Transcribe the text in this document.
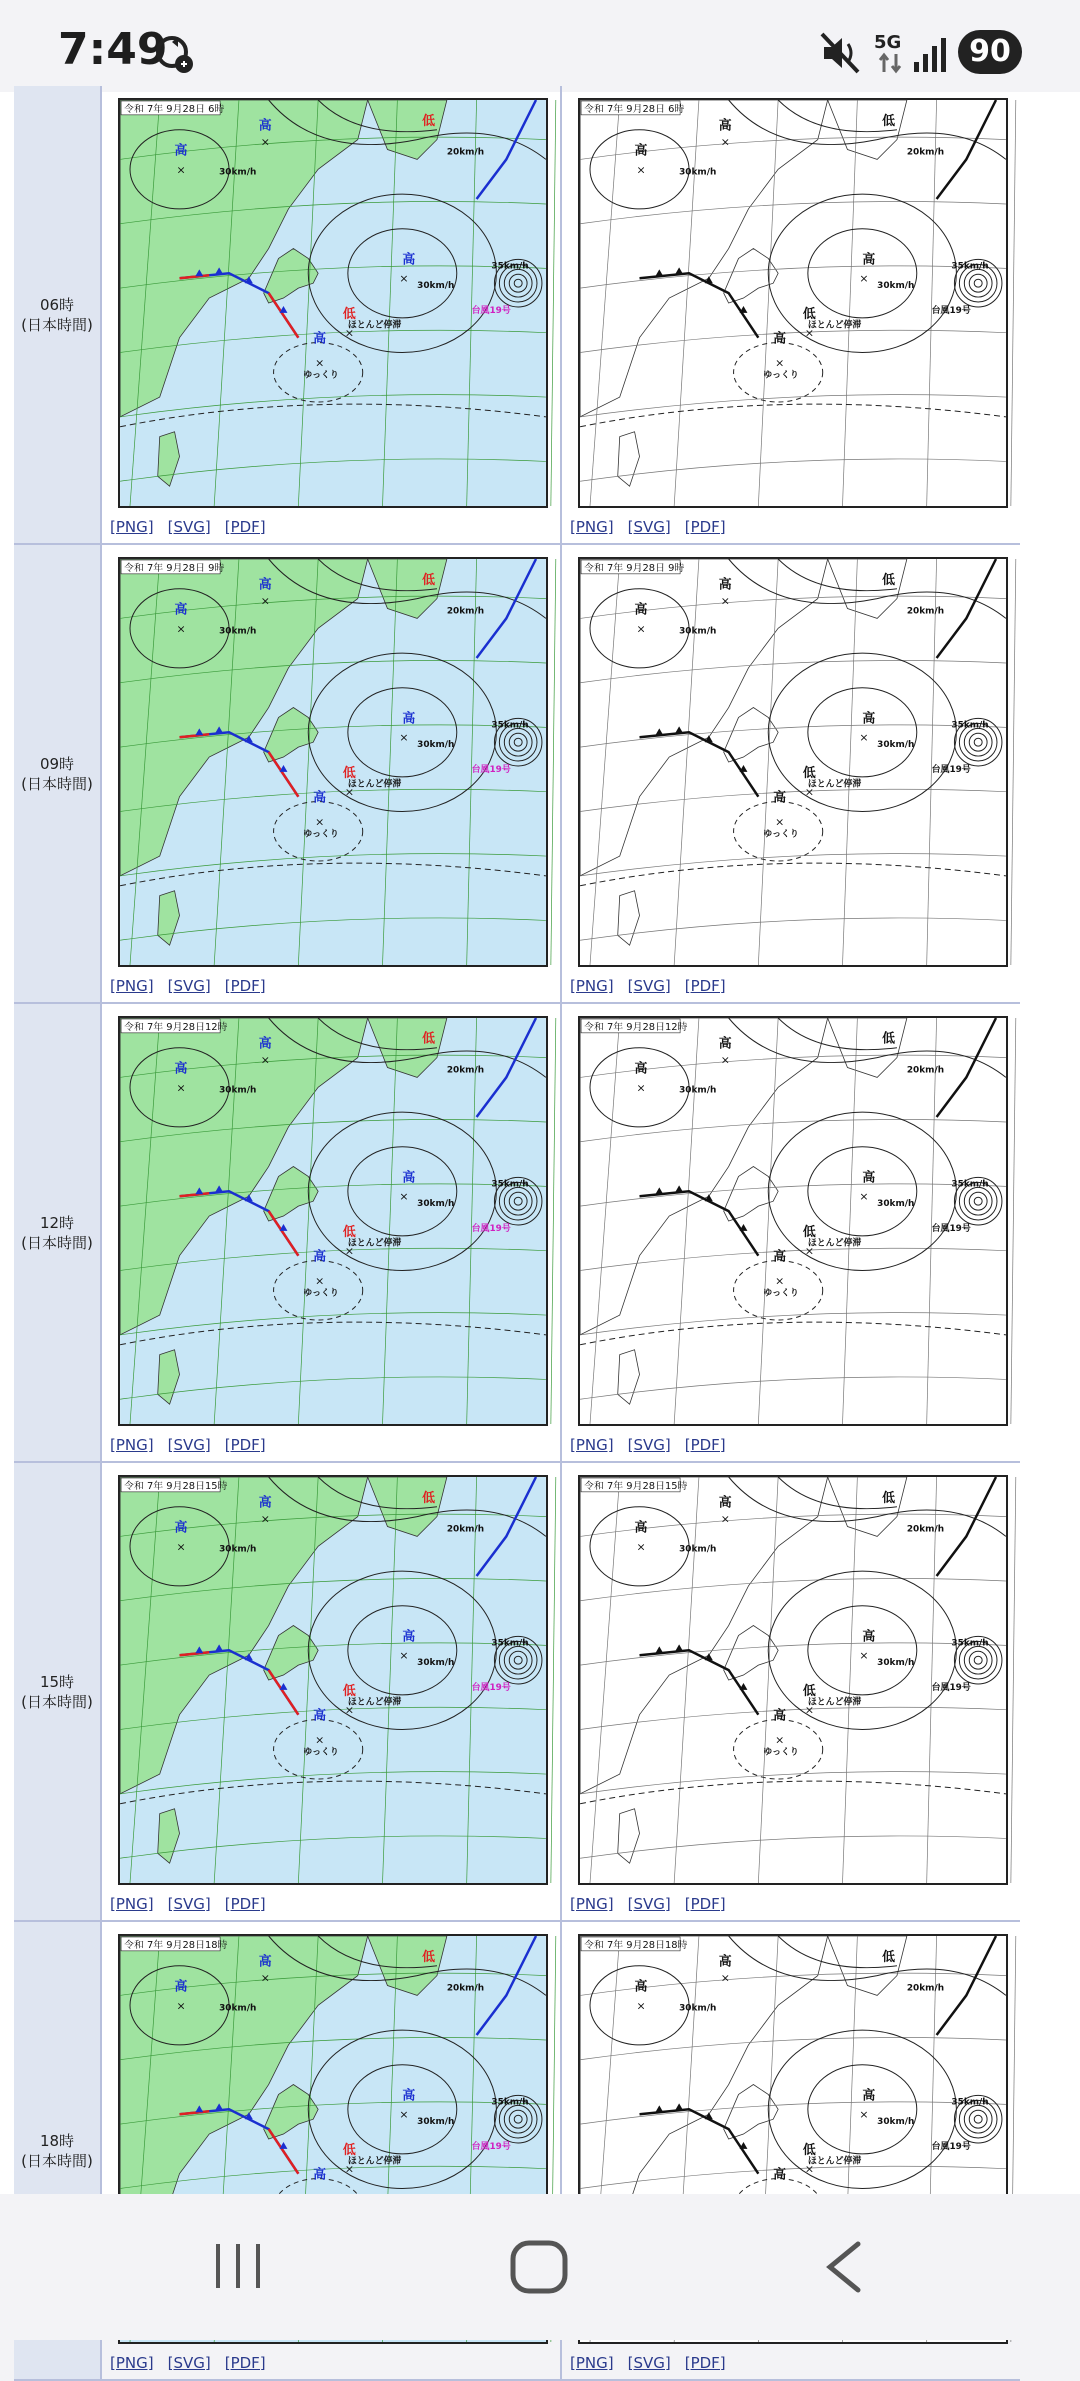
7:49	5G	90
06時
(日本時間)
令和 7年 9月28日 6時
高
高
高
高	低
低
ほとんど停滞
ゆっくり
30km/h
30km/h
35km/h
20km/h
台風19号
×
×
×
×
×
[PNG] [SVG] [PDF]
令和 7年 9月28日 6時
高
高
高
高	低
低
ほとんど停滞
ゆっくり
30km/h
30km/h
35km/h
20km/h
台風19号
×
×
×
×
×
[PNG] [SVG] [PDF]
09時
(日本時間)
令和 7年 9月28日 9時
高
高
高
高	低
低
ほとんど停滞
ゆっくり
30km/h
30km/h
35km/h
20km/h
台風19号
×
×
×
×
×
[PNG] [SVG] [PDF]
令和 7年 9月28日 9時
高
高
高
高	低
低
ほとんど停滞
ゆっくり
30km/h
30km/h
35km/h
20km/h
台風19号
×
×
×
×
×
[PNG] [SVG] [PDF]
12時
(日本時間)
令和 7年 9月28日12時
高
高
高
高	低
低
ほとんど停滞
ゆっくり
30km/h
30km/h
35km/h
20km/h
台風19号
×
×
×
×
×
[PNG] [SVG] [PDF]
令和 7年 9月28日12時
高
高
高
高	低
低
ほとんど停滞
ゆっくり
30km/h
30km/h
35km/h
20km/h
台風19号
×
×
×
×
×
[PNG] [SVG] [PDF]
15時
(日本時間)
令和 7年 9月28日15時
高
高
高
高	低
低
ほとんど停滞
ゆっくり
30km/h
30km/h
35km/h
20km/h
台風19号
×
×
×
×
×
[PNG] [SVG] [PDF]
令和 7年 9月28日15時
高
高
高
高	低
低
ほとんど停滞
ゆっくり
30km/h
30km/h
35km/h
20km/h
台風19号
×
×
×
×
×
[PNG] [SVG] [PDF]
18時
(日本時間)
令和 7年 9月28日18時
高
高
高
高	低
低
ほとんど停滞
30km/h
30km/h
35km/h
20km/h
台風19号
×
×
×
×
[PNG] [SVG] [PDF]
令和 7年 9月28日18時
高
高
高
高	低
低
ほとんど停滞
30km/h
30km/h
35km/h
20km/h
台風19号
×
×
×
×
[PNG] [SVG] [PDF]
